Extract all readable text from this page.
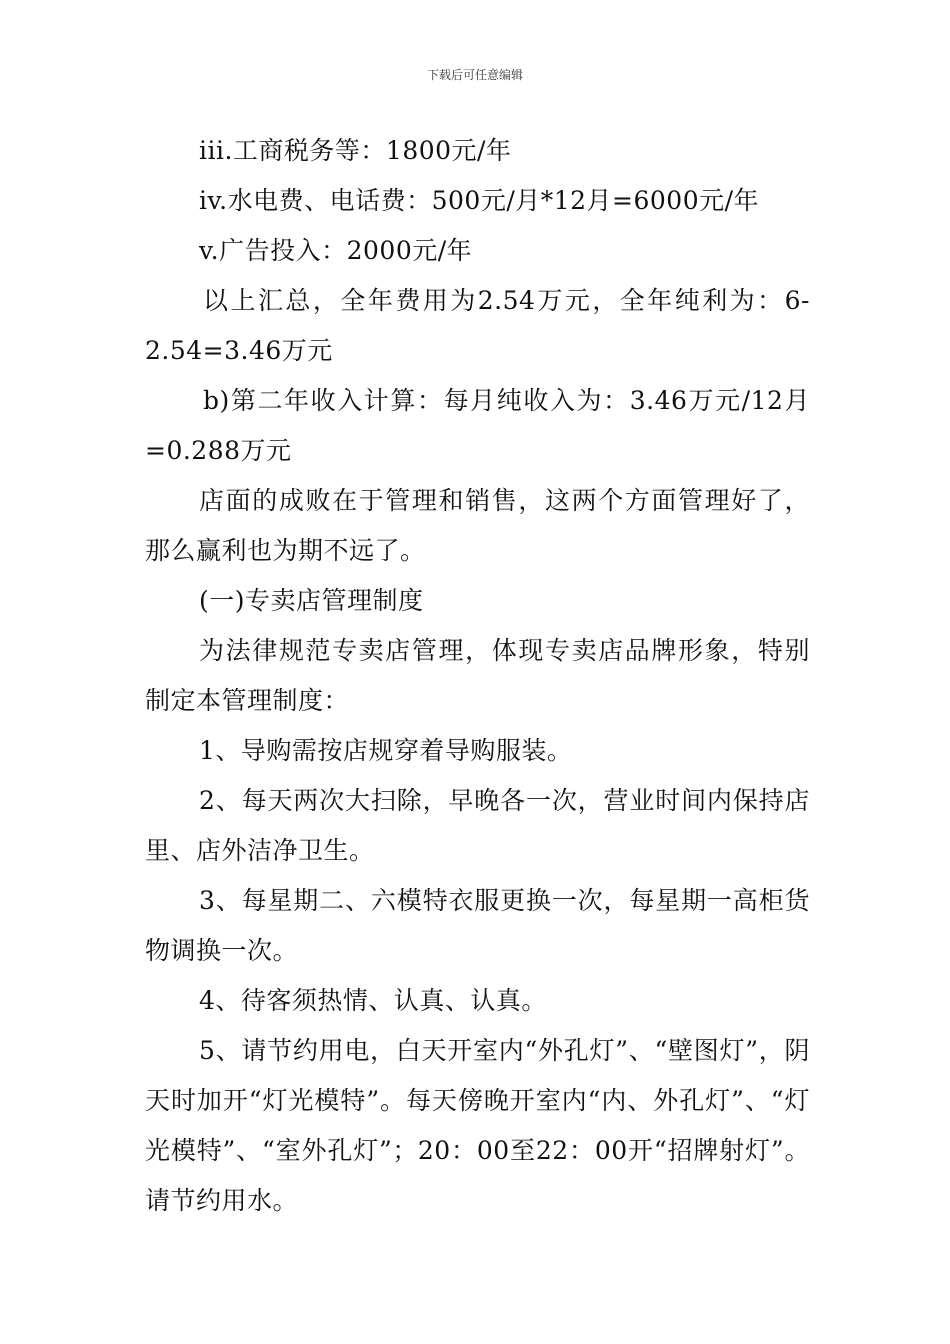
下载后可任意编辑

iii.工商税务等：1800元/年

iv.水电费、电话费：500元/月*12月=6000元/年

v.广告投入：2000元/年

以上汇总，全年费用为2.54万元，全年纯利为：6-2.54=3.46万元

b)第二年收入计算：每月纯收入为：3.46万元/12月=0.288万元

店面的成败在于管理和销售，这两个方面管理好了，那么赢利也为期不远了。

(一)专卖店管理制度

为法律规范专卖店管理，体现专卖店品牌形象，特别制定本管理制度：

1、导购需按店规穿着导购服装。

2、每天两次大扫除，早晚各一次，营业时间内保持店里、店外洁净卫生。

3、每星期二、六模特衣服更换一次，每星期一高柜货物调换一次。

4、待客须热情、认真、认真。

5、请节约用电，白天开室内“外孔灯”、“壁图灯”，阴天时加开“灯光模特”。每天傍晚开室内“内、外孔灯”、“灯光模特”、“室外孔灯”；20：00至22：00开“招牌射灯”。请节约用水。
